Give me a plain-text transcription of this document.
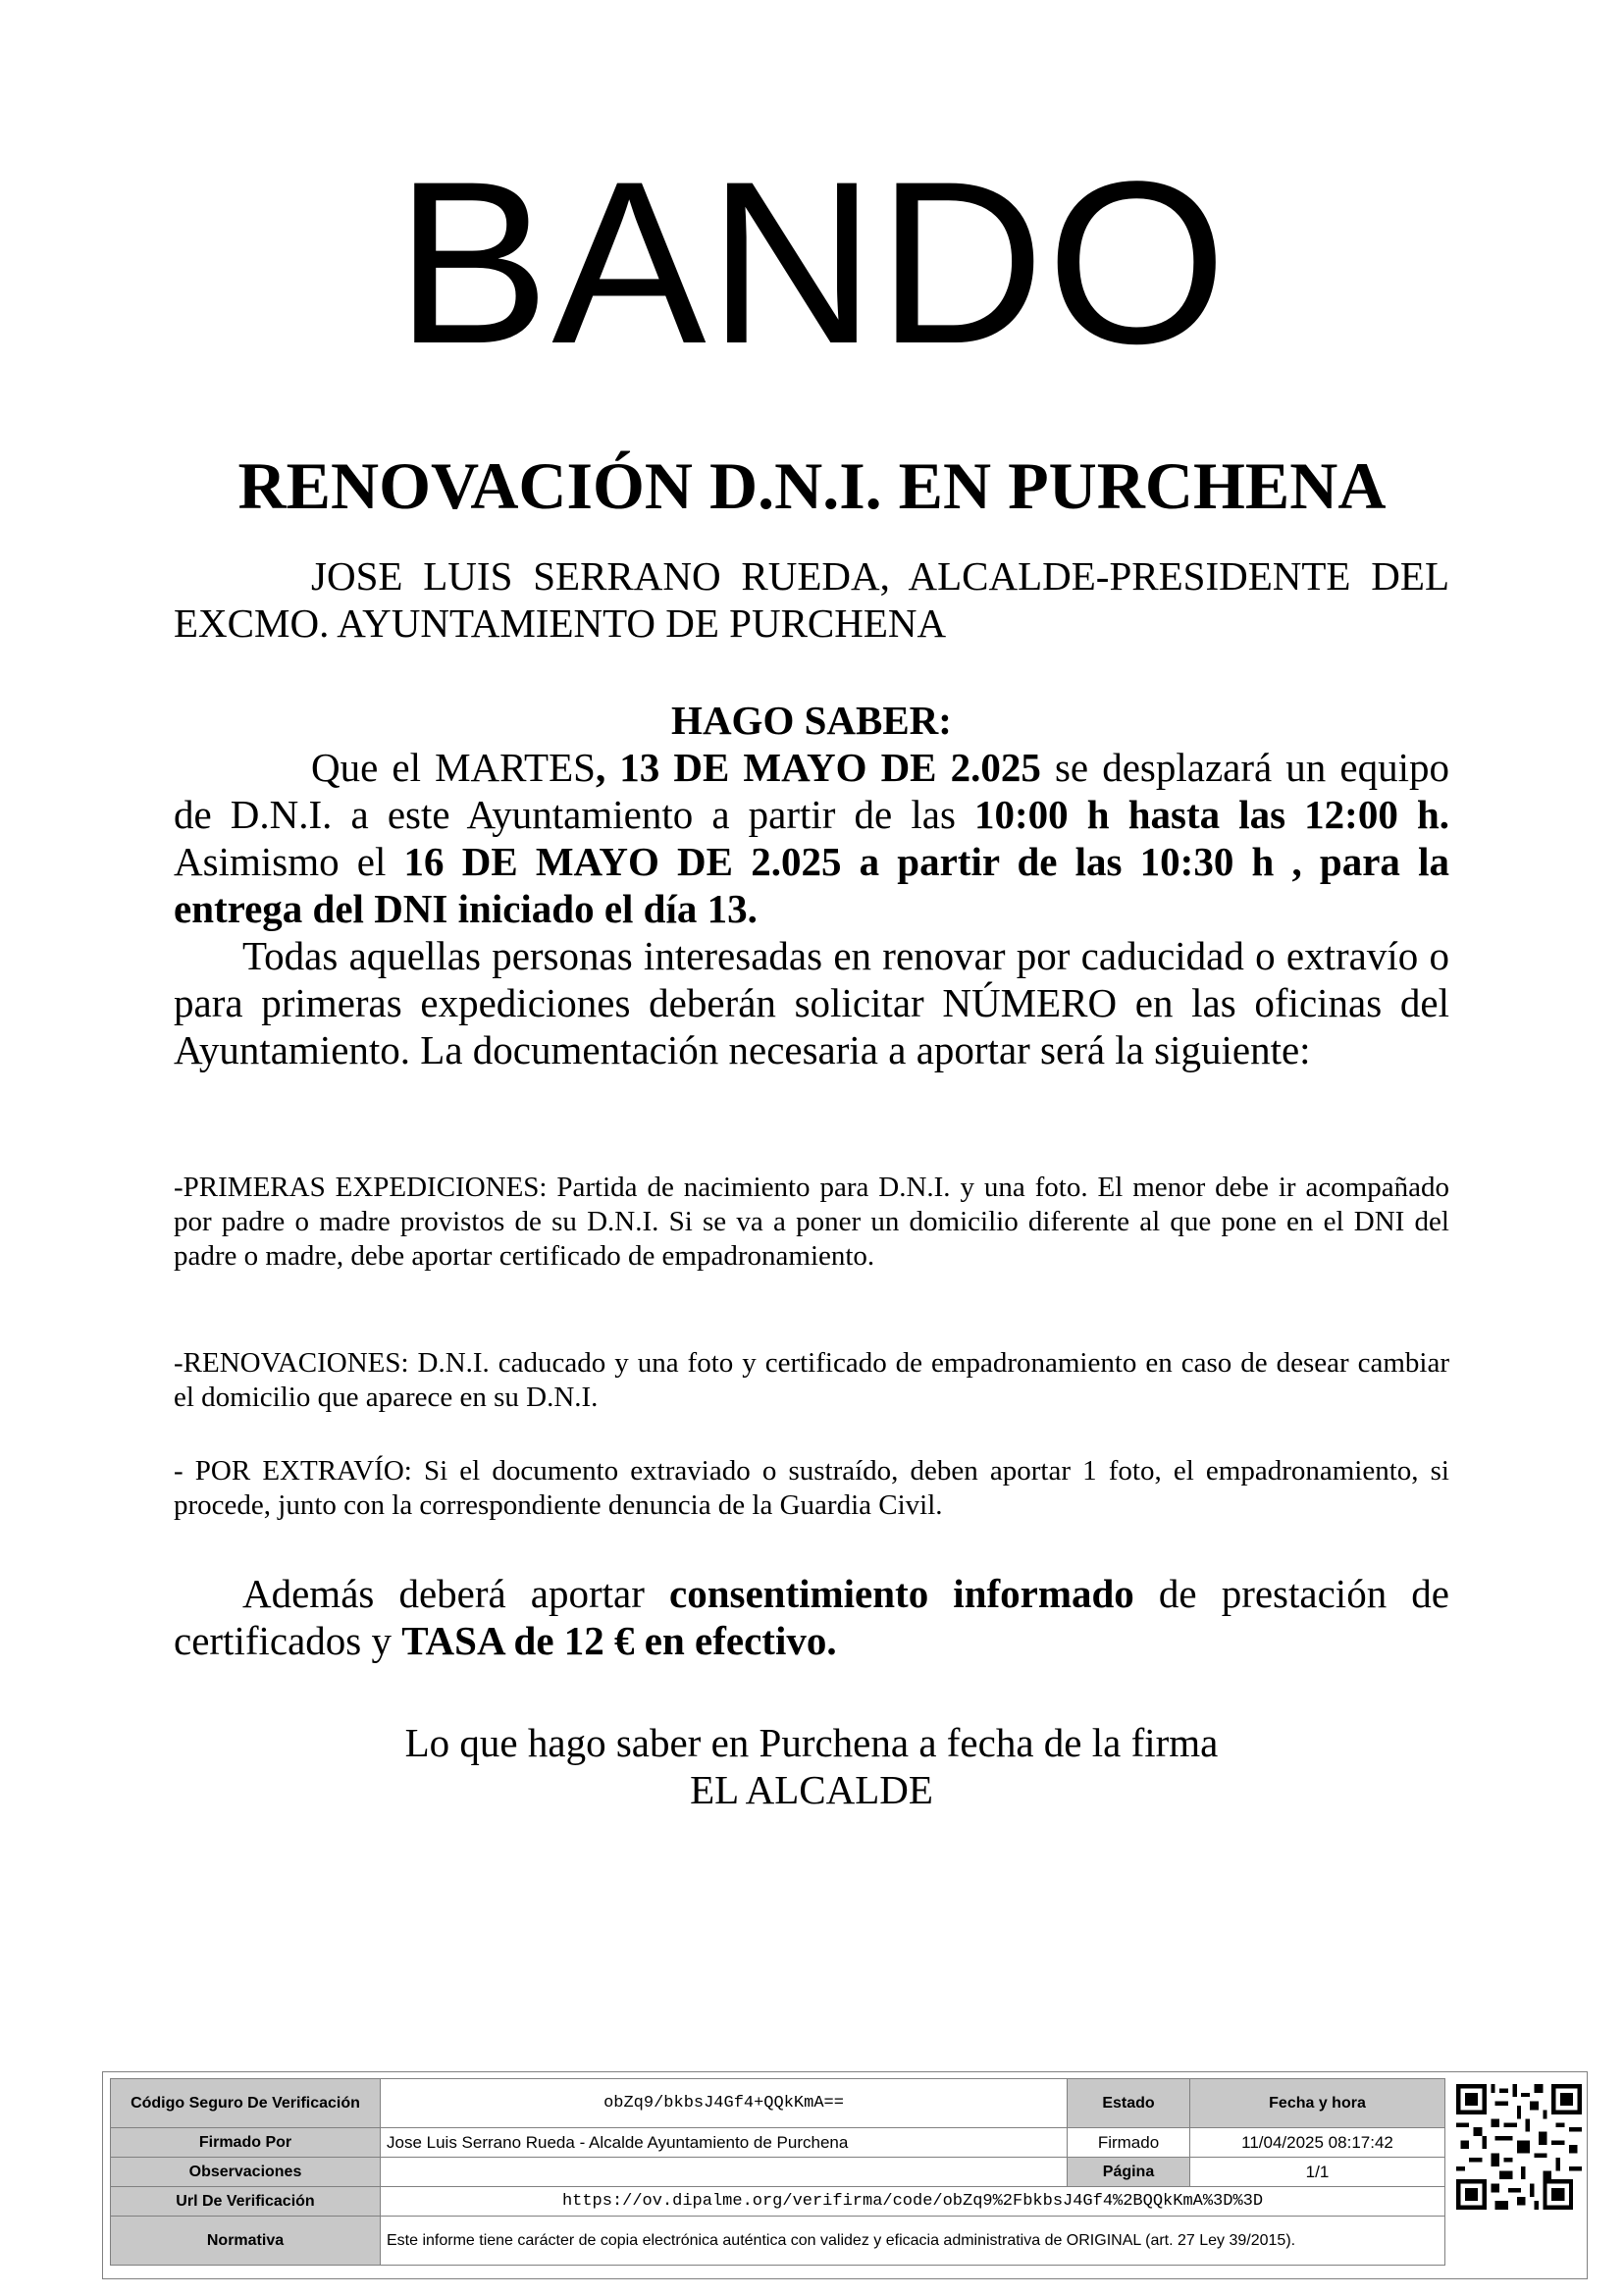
BANDO
RENOVACIÓN D.N.I. EN PURCHENA
JOSE LUIS SERRANO RUEDA, ALCALDE-PRESIDENTE DEL EXCMO. AYUNTAMIENTO DE PURCHENA
HAGO SABER:
Que el MARTES, 13 DE MAYO DE 2.025 se desplazará un equipo de D.N.I. a este Ayuntamiento a partir de las 10:00 h hasta las 12:00 h. Asimismo el 16 DE MAYO DE 2.025 a partir de las 10:30 h , para la entrega del DNI iniciado el día 13.
Todas aquellas personas interesadas en renovar por caducidad o extravío o para primeras expediciones deberán solicitar NÚMERO en las oficinas del Ayuntamiento. La documentación necesaria a aportar será la siguiente:
-PRIMERAS EXPEDICIONES: Partida de nacimiento para D.N.I. y una foto. El menor debe ir acompañado por padre o madre provistos de su D.N.I. Si se va a poner un domicilio diferente al que pone en el DNI del padre o madre, debe aportar certificado de empadronamiento.
-RENOVACIONES: D.N.I. caducado y una foto y certificado de empadronamiento en caso de desear cambiar el domicilio que aparece en su D.N.I.
- POR EXTRAVÍO: Si el documento extraviado o sustraído, deben aportar 1 foto, el empadronamiento, si procede, junto con la correspondiente denuncia de la Guardia Civil.
Además deberá aportar consentimiento informado de prestación de certificados y TASA de 12 € en efectivo.
Lo que hago saber en Purchena a fecha de la firma
EL ALCALDE
Código Seguro De Verificación	obZq9/bkbsJ4Gf4+QQkKmA==	Estado	Fecha y hora
Firmado Por	Jose Luis Serrano Rueda - Alcalde Ayuntamiento de Purchena	Firmado	11/04/2025 08:17:42
Observaciones		Página	1/1
Url De Verificación	https://ov.dipalme.org/verifirma/code/obZq9%2FbkbsJ4Gf4%2BQQkKmA%3D%3D		
Normativa	Este informe tiene carácter de copia electrónica auténtica con validez y eficacia administrativa de ORIGINAL (art. 27 Ley 39/2015).		
